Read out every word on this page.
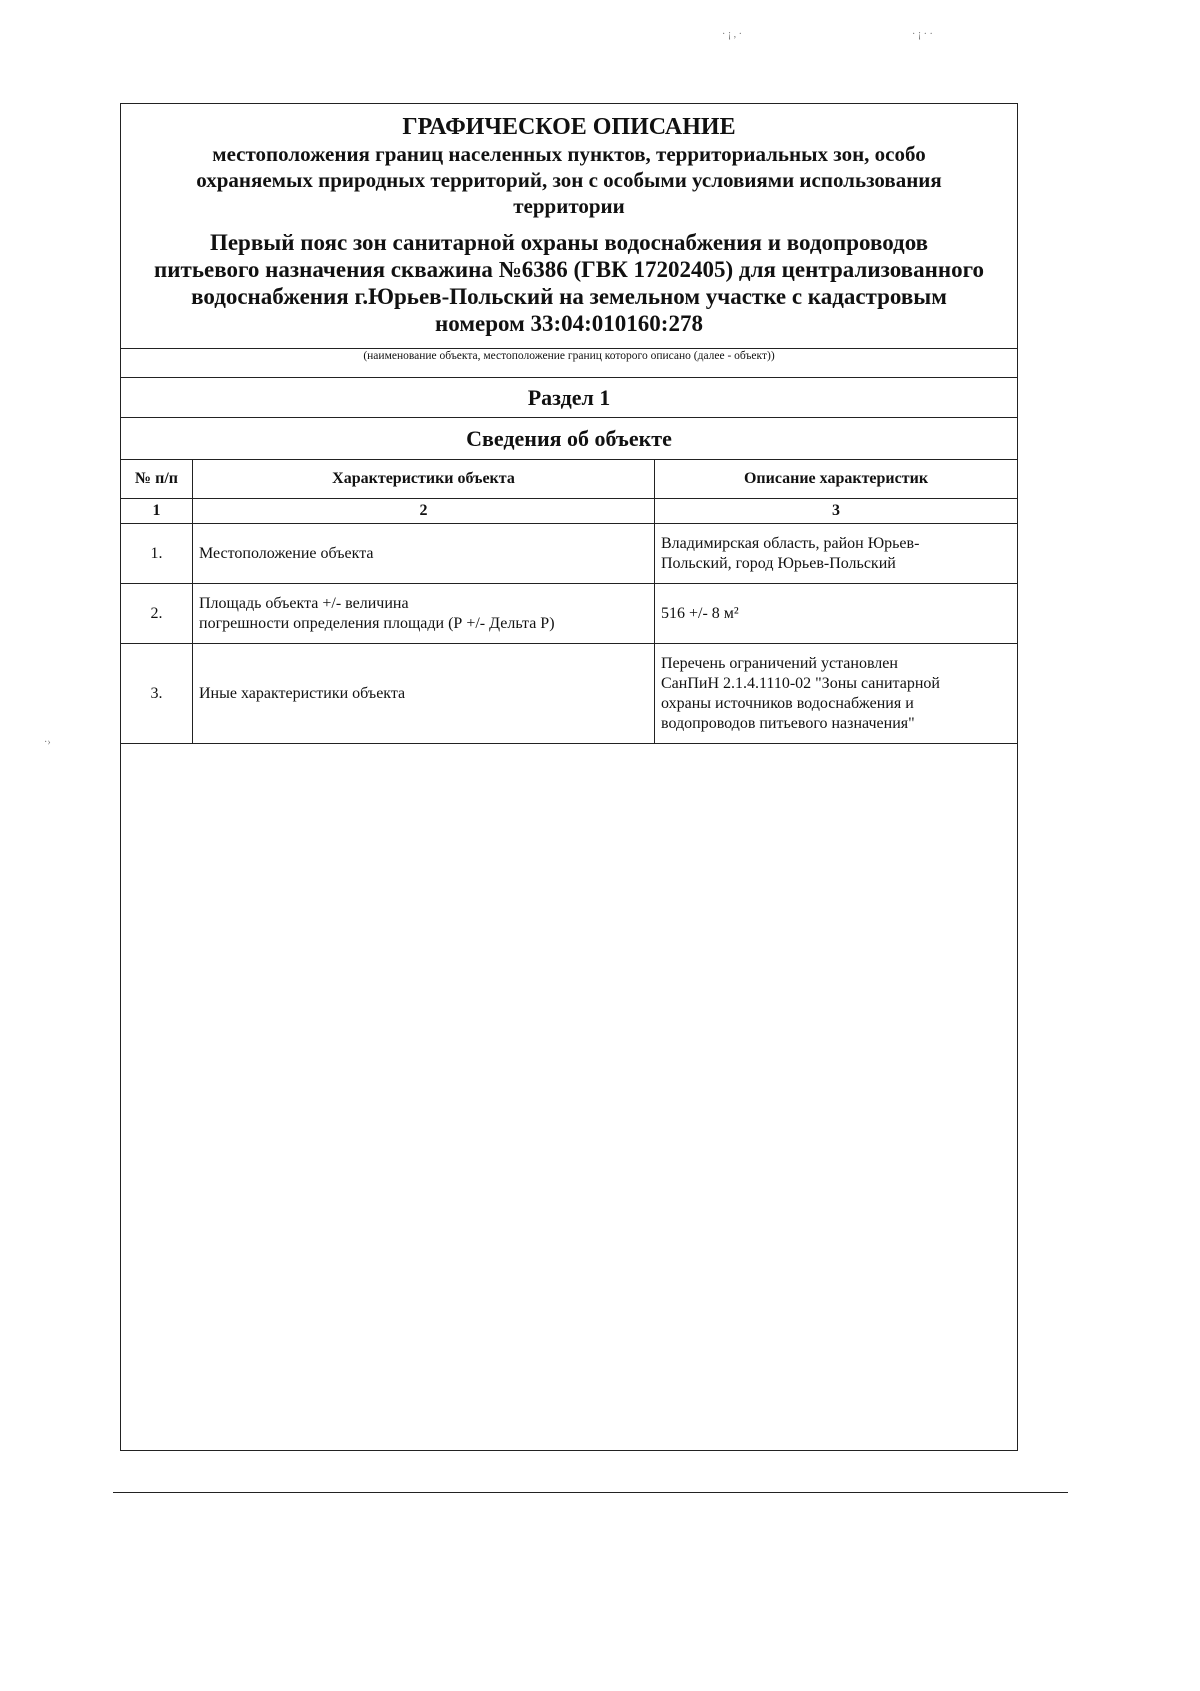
· ¡ , ·	· ¡ · ·
·›
ГРАФИЧЕСКОЕ ОПИСАНИЕ
местоположения границ населенных пунктов, территориальных зон, особо
охраняемых природных территорий, зон с особыми условиями использования
территории
Первый пояс зон санитарной охраны водоснабжения и водопроводов
питьевого назначения скважина №6386 (ГВК 17202405) для централизованного
водоснабжения г.Юрьев-Польский на земельном участке с кадастровым
номером 33:04:010160:278
(наименование объекта, местоположение границ которого описано (далее - объект))
Раздел 1
Сведения об объекте
№ п/п	Характеристики объекта	Описание характеристик
1	2	3
1.	Местоположение объекта	Владимирская область, район Юрьев-
Польский, город Юрьев-Польский

2.	Площадь объекта +/- величина
погрешности определения площади (Р +/- Дельта Р)	516 +/- 8 м²

3.	Иные характеристики объекта	Перечень ограничений установлен
СанПиН 2.1.4.1110-02 "Зоны санитарной
охраны источников водоснабжения и
водопроводов питьевого назначения"
